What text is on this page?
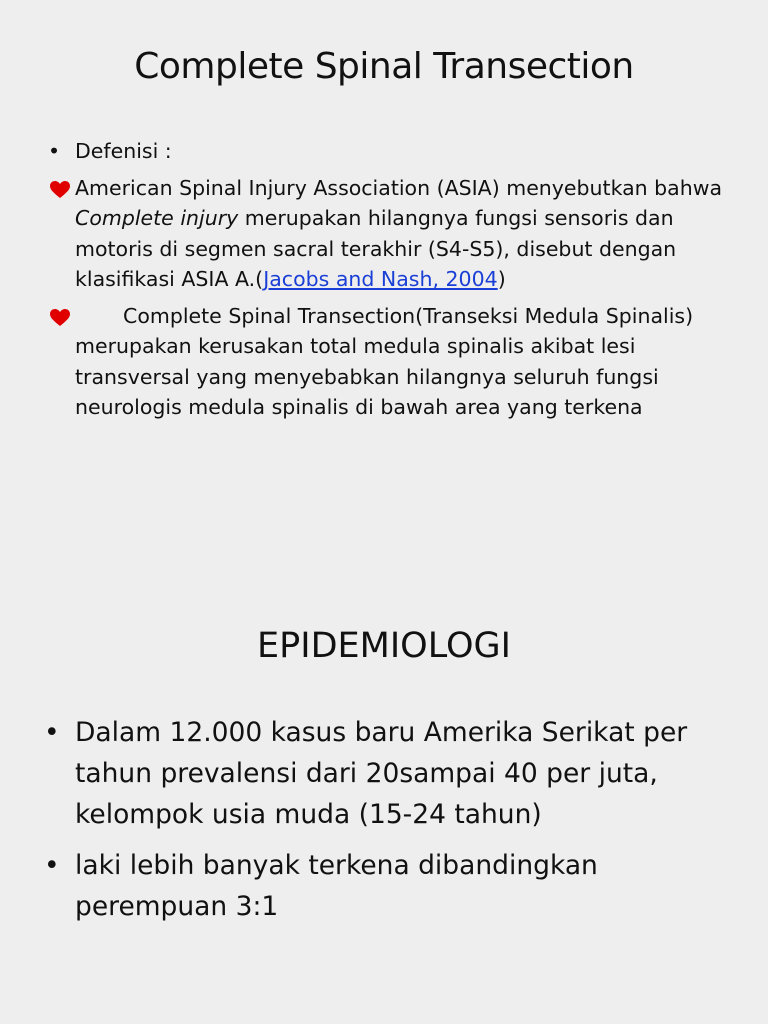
Complete Spinal Transection
• Defenisi :
American Spinal Injury Association (ASIA) menyebutkan bahwa Complete injury merupakan hilangnya fungsi sensoris dan motoris di segmen sacral terakhir (S4-S5), disebut dengan klasifikasi ASIA A.(Jacobs and Nash, 2004)
Complete Spinal Transection(Transeksi Medula Spinalis) merupakan kerusakan total medula spinalis akibat lesi transversal yang menyebabkan hilangnya seluruh fungsi neurologis medula spinalis di bawah area yang terkena
EPIDEMIOLOGI
• Dalam 12.000 kasus baru Amerika Serikat per tahun prevalensi dari 20sampai 40 per juta, kelompok usia muda (15-24 tahun)
• laki lebih banyak terkena dibandingkan perempuan 3:1
